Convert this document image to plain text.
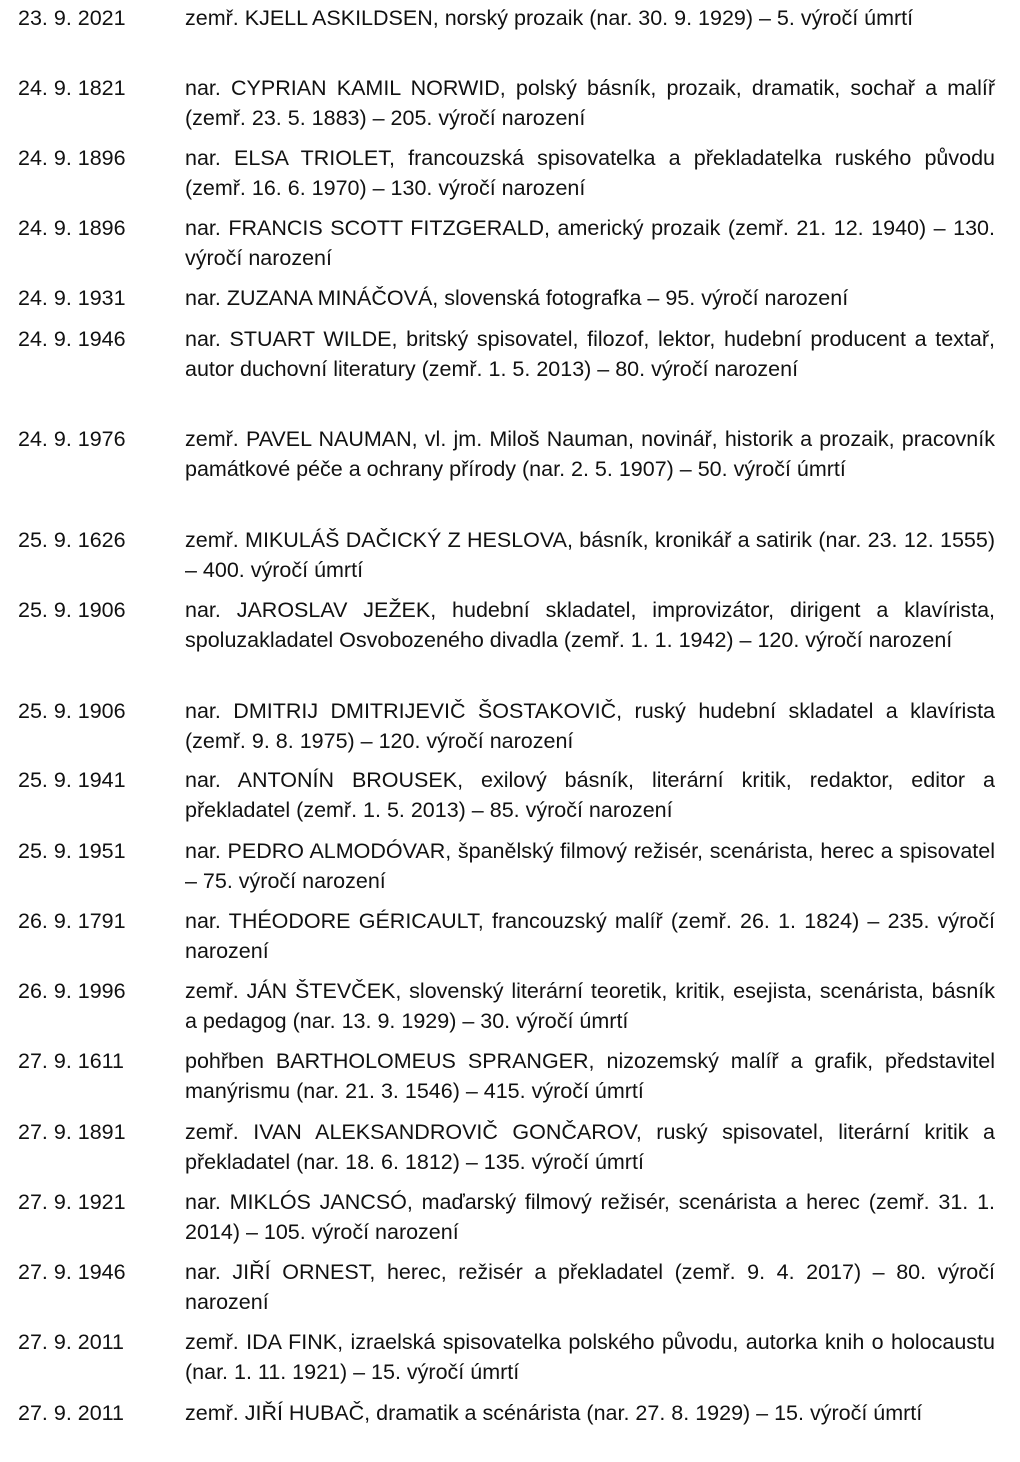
23. 9. 2021	zemř. KJELL ASKILDSEN, norský prozaik (nar. 30. 9. 1929) – 5. výročí úmrtí
24. 9. 1821	nar. CYPRIAN KAMIL NORWID, polský básník, prozaik, dramatik, sochař a malíř (zemř. 23. 5. 1883) – 205. výročí narození
24. 9. 1896	nar. ELSA TRIOLET, francouzská spisovatelka a překladatelka ruského původu (zemř. 16. 6. 1970) – 130. výročí narození
24. 9. 1896	nar. FRANCIS SCOTT FITZGERALD, americký prozaik (zemř. 21. 12. 1940) – 130. výročí narození
24. 9. 1931	nar. ZUZANA MINÁČOVÁ, slovenská fotografka – 95. výročí narození
24. 9. 1946	nar. STUART WILDE, britský spisovatel, filozof, lektor, hudební producent a textař, autor duchovní literatury (zemř. 1. 5. 2013) – 80. výročí narození
24. 9. 1976	zemř. PAVEL NAUMAN, vl. jm. Miloš Nauman, novinář, historik a prozaik, pracovník památkové péče a ochrany přírody (nar. 2. 5. 1907) – 50. výročí úmrtí
25. 9. 1626	zemř. MIKULÁŠ DAČICKÝ Z HESLOVA, básník, kronikář a satirik (nar. 23. 12. 1555) – 400. výročí úmrtí
25. 9. 1906	nar. JAROSLAV JEŽEK, hudební skladatel, improvizátor, dirigent a klavírista, spoluzakladatel Osvobozeného divadla (zemř. 1. 1. 1942) – 120. výročí narození
25. 9. 1906	nar. DMITRIJ DMITRIJEVIČ ŠOSTAKOVIČ, ruský hudební skladatel a klavírista (zemř. 9. 8. 1975) – 120. výročí narození
25. 9. 1941	nar. ANTONÍN BROUSEK, exilový básník, literární kritik, redaktor, editor a překladatel (zemř. 1. 5. 2013) – 85. výročí narození
25. 9. 1951	nar. PEDRO ALMODÓVAR, španělský filmový režisér, scenárista, herec a spisovatel – 75. výročí narození
26. 9. 1791	nar. THÉODORE GÉRICAULT, francouzský malíř (zemř. 26. 1. 1824) – 235. výročí narození
26. 9. 1996	zemř. JÁN ŠTEVČEK, slovenský literární teoretik, kritik, esejista, scenárista, básník a pedagog (nar. 13. 9. 1929) – 30. výročí úmrtí
27. 9. 1611	pohřben BARTHOLOMEUS SPRANGER, nizozemský malíř a grafik, představitel manýrismu (nar. 21. 3. 1546) – 415. výročí úmrtí
27. 9. 1891	zemř. IVAN ALEKSANDROVIČ GONČAROV, ruský spisovatel, literární kritik a překladatel (nar. 18. 6. 1812) – 135. výročí úmrtí
27. 9. 1921	nar. MIKLÓS JANCSÓ, maďarský filmový režisér, scenárista a herec (zemř. 31. 1. 2014) – 105. výročí narození
27. 9. 1946	nar. JIŘÍ ORNEST, herec, režisér a překladatel (zemř. 9. 4. 2017) – 80. výročí narození
27. 9. 2011	zemř. IDA FINK, izraelská spisovatelka polského původu, autorka knih o holocaustu (nar. 1. 11. 1921) – 15. výročí úmrtí
27. 9. 2011	zemř. JIŘÍ HUBAČ, dramatik a scénárista (nar. 27. 8. 1929) – 15. výročí úmrtí
